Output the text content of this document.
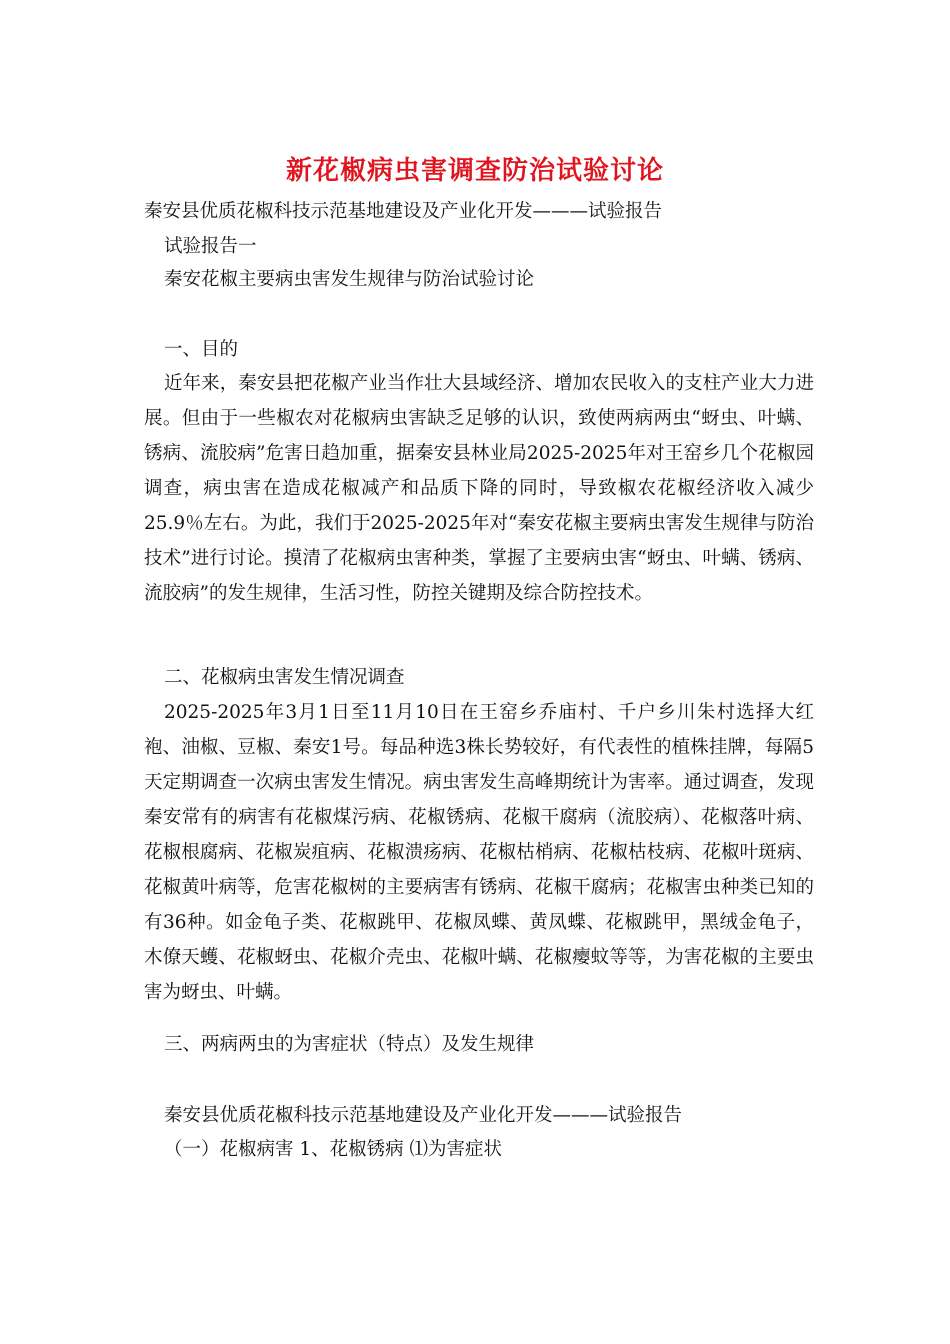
新花椒病虫害调查防治试验讨论

秦安县优质花椒科技示范基地建设及产业化开发———试验报告

试验报告一

秦安花椒主要病虫害发生规律与防治试验讨论

一、目的

近年来，秦安县把花椒产业当作壮大县域经济、增加农民收入的支柱产业大力进展。但由于一些椒农对花椒病虫害缺乏足够的认识，致使两病两虫“蚜虫、叶螨、锈病、流胶病”危害日趋加重，据秦安县林业局2025-2025年对王窑乡几个花椒园调查，病虫害在造成花椒减产和品质下降的同时，导致椒农花椒经济收入减少25.9％左右。为此，我们于2025-2025年对“秦安花椒主要病虫害发生规律与防治技术”进行讨论。摸清了花椒病虫害种类，掌握了主要病虫害“蚜虫、叶螨、锈病、流胶病”的发生规律，生活习性，防控关键期及综合防控技术。

二、花椒病虫害发生情况调查

2025-2025年3月1日至11月10日在王窑乡乔庙村、千户乡川朱村选择大红袍、油椒、豆椒、秦安1号。每品种选3株长势较好，有代表性的植株挂牌，每隔5天定期调查一次病虫害发生情况。病虫害发生高峰期统计为害率。通过调查，发现秦安常有的病害有花椒煤污病、花椒锈病、花椒干腐病（流胶病）、花椒落叶病、花椒根腐病、花椒炭疽病、花椒溃疡病、花椒枯梢病、花椒枯枝病、花椒叶斑病、花椒黄叶病等，危害花椒树的主要病害有锈病、花椒干腐病；花椒害虫种类已知的有36种。如金龟子类、花椒跳甲、花椒凤蝶、黄凤蝶、花椒跳甲，黑绒金龟子，木僚天蠖、花椒蚜虫、花椒介壳虫、花椒叶螨、花椒瘿蚊等等，为害花椒的主要虫害为蚜虫、叶螨。

三、两病两虫的为害症状（特点）及发生规律

秦安县优质花椒科技示范基地建设及产业化开发———试验报告

（一）花椒病害 1、花椒锈病 ⑴为害症状
